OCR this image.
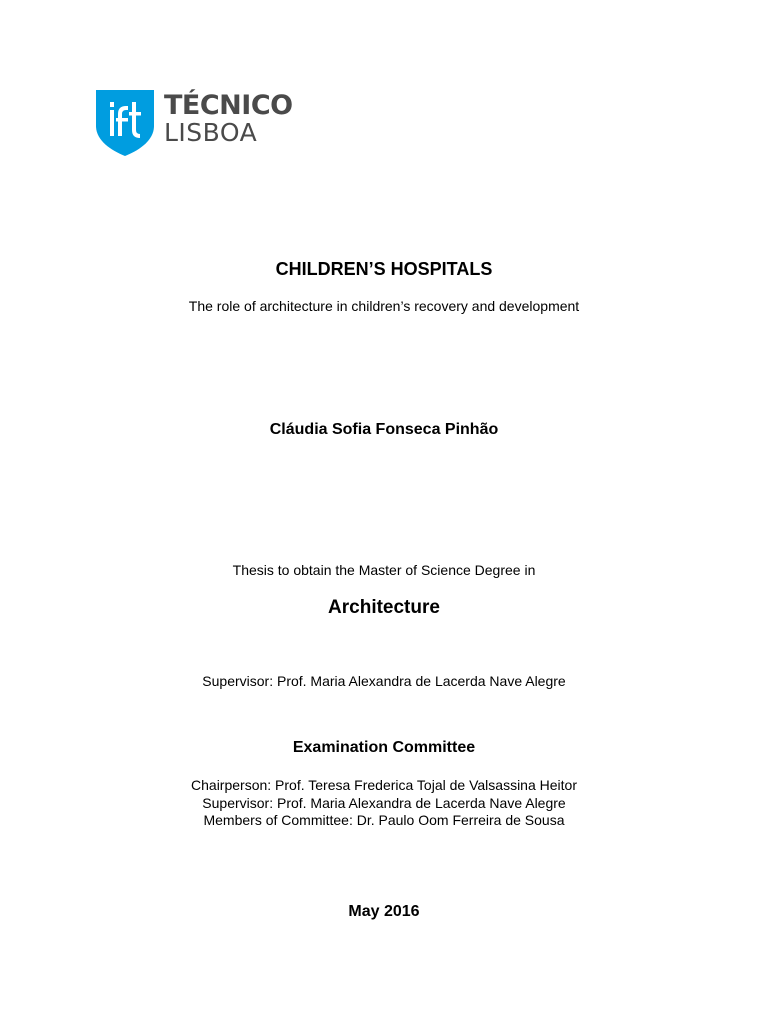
TÉCNICO
LISBOA
CHILDREN’S HOSPITALS
The role of architecture in children’s recovery and development
Cláudia Sofia Fonseca Pinhão
Thesis to obtain the Master of Science Degree in
Architecture
Supervisor: Prof. Maria Alexandra de Lacerda Nave Alegre
Examination Committee
Chairperson: Prof. Teresa Frederica Tojal de Valsassina Heitor
Supervisor: Prof. Maria Alexandra de Lacerda Nave Alegre
Members of Committee: Dr. Paulo Oom Ferreira de Sousa
May 2016
